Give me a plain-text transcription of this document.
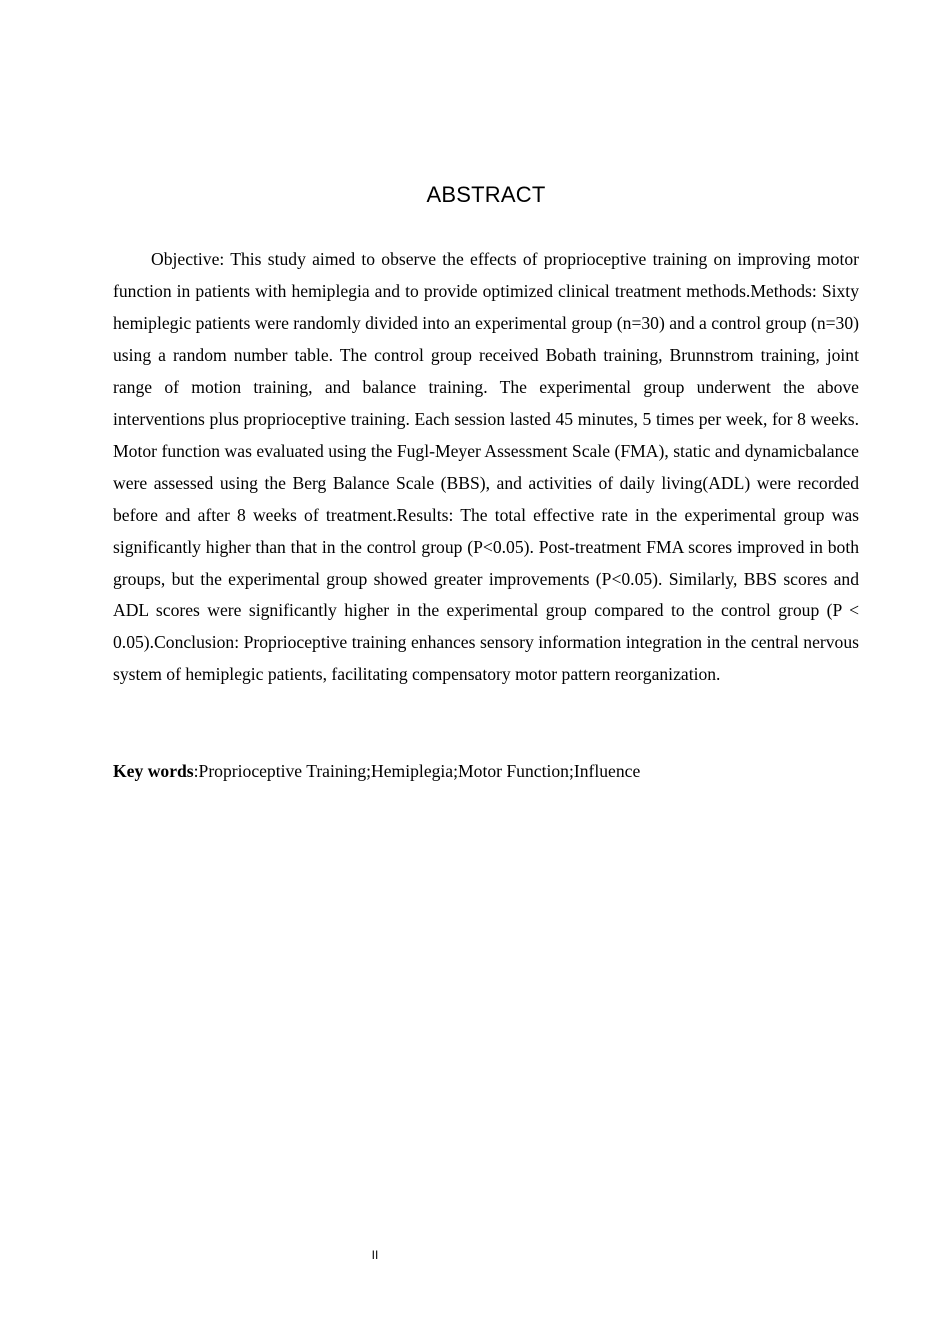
ABSTRACT

Objective: This study aimed to observe the effects of proprioceptive training on improving motor function in patients with hemiplegia and to provide optimized clinical treatment methods.Methods: Sixty hemiplegic patients were randomly divided into an experimental group (n=30) and a control group (n=30) using a random number table. The control group received Bobath training, Brunnstrom training, joint range of motion training, and balance training. The experimental group underwent the above interventions plus proprioceptive training. Each session lasted 45 minutes, 5 times per week, for 8 weeks. Motor function was evaluated using the Fugl-Meyer Assessment Scale (FMA), static and dynamicbalance were assessed using the Berg Balance Scale (BBS), and activities of daily living(ADL) were recorded before and after 8 weeks of treatment.Results: The total effective rate in the experimental group was significantly higher than that in the control group (P<0.05). Post-treatment FMA scores improved in both groups, but the experimental group showed greater improvements (P<0.05). Similarly, BBS scores and ADL scores were significantly higher in the experimental group compared to the control group (P < 0.05).Conclusion: Proprioceptive training enhances sensory information integration in the central nervous system of hemiplegic patients, facilitating compensatory motor pattern reorganization.

Key words:Proprioceptive Training;Hemiplegia;Motor Function;Influence

II
